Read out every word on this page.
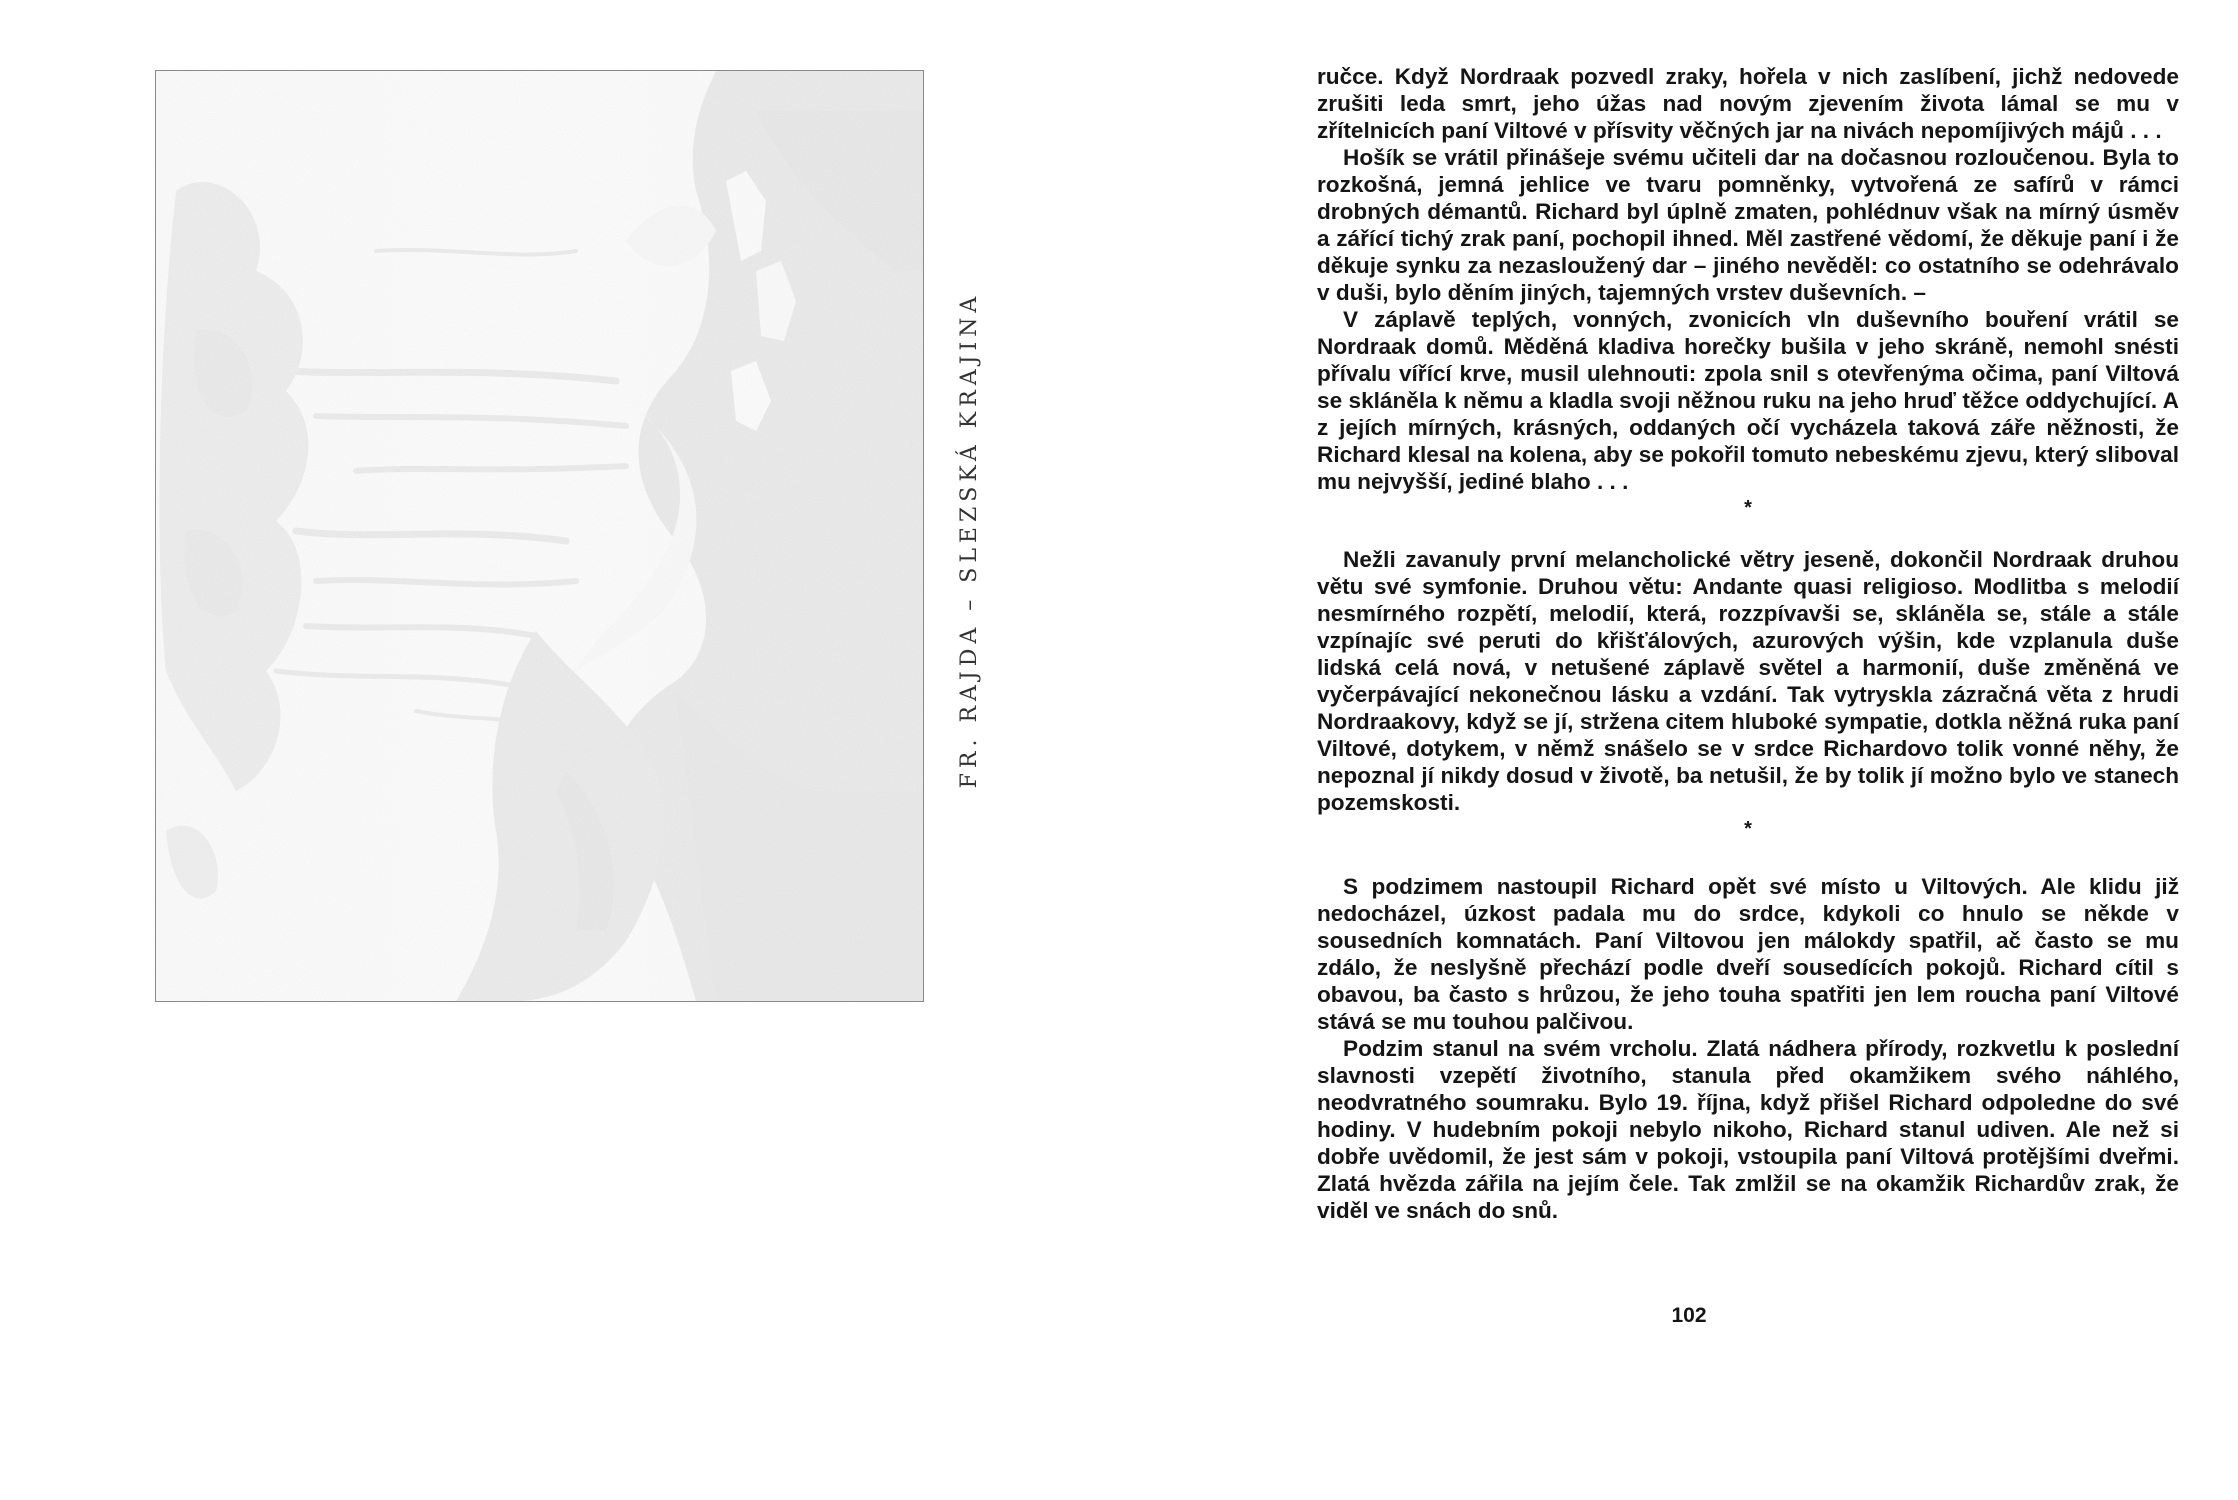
FR. RAJDA – SLEZSKÁ KRAJINA

ručce. Když Nordraak pozvedl zraky, hořela v nich zaslíbení, jichž nedovede zrušiti leda smrt, jeho úžas nad novým zjevením života lámal se mu v zřítelnicích paní Viltové v přísvity věčných jar na nivách nepomíjivých májů . . .

Hošík se vrátil přinášeje svému učiteli dar na dočasnou rozloučenou. Byla to rozkošná, jemná jehlice ve tvaru pomněnky, vytvořená ze safírů v rámci drobných démantů. Richard byl úplně zmaten, pohlédnuv však na mírný úsměv a zářící tichý zrak paní, pochopil ihned. Měl zastřené vědomí, že děkuje paní i že děkuje synku za nezasloužený dar – jiného nevěděl: co ostatního se odehrávalo v duši, bylo děním jiných, tajemných vrstev duševních. –

V záplavě teplých, vonných, zvonicích vln duševního bouření vrátil se Nordraak domů. Měděná kladiva horečky bušila v jeho skráně, nemohl snésti přívalu vířící krve, musil ulehnouti: zpola snil s otevřenýma očima, paní Viltová se skláněla k němu a kladla svoji něžnou ruku na jeho hruď těžce oddychující. A z jejích mírných, krásných, oddaných očí vycházela taková záře něžnosti, že Richard klesal na kolena, aby se pokořil tomuto nebeskému zjevu, který sliboval mu nejvyšší, jediné blaho . . .

*

Nežli zavanuly první melancholické větry jeseně, dokončil Nordraak druhou větu své symfonie. Druhou větu: Andante quasi religioso. Modlitba s melodií nesmírného rozpětí, melodií, která, rozzpívavši se, skláněla se, stále a stále vzpínajíc své peruti do křišťálových, azurových výšin, kde vzplanula duše lidská celá nová, v netušené záplavě světel a harmonií, duše změněná ve vyčerpávající nekonečnou lásku a vzdání. Tak vytryskla zázračná věta z hrudi Nordraakovy, když se jí, stržena citem hluboké sympatie, dotkla něžná ruka paní Viltové, dotykem, v němž snášelo se v srdce Richardovo tolik vonné něhy, že nepoznal jí nikdy dosud v životě, ba netušil, že by tolik jí možno bylo ve stanech pozemskosti.

*

S podzimem nastoupil Richard opět své místo u Viltových. Ale klidu již nedocházel, úzkost padala mu do srdce, kdykoli co hnulo se někde v sousedních komnatách. Paní Viltovou jen málokdy spatřil, ač často se mu zdálo, že neslyšně přechází podle dveří sousedících pokojů. Richard cítil s obavou, ba často s hrůzou, že jeho touha spatřiti jen lem roucha paní Viltové stává se mu touhou palčivou.

Podzim stanul na svém vrcholu. Zlatá nádhera přírody, rozkvetlu k poslední slavnosti vzepětí životního, stanula před okamžikem svého náhlého, neodvratného soumraku. Bylo 19. října, když přišel Richard odpoledne do své hodiny. V hudebním pokoji nebylo nikoho, Richard stanul udiven. Ale než si dobře uvědomil, že jest sám v pokoji, vstoupila paní Viltová protějšími dveřmi. Zlatá hvězda zářila na jejím čele. Tak zmlžil se na okamžik Richardův zrak, že viděl ve snách do snů.

102
